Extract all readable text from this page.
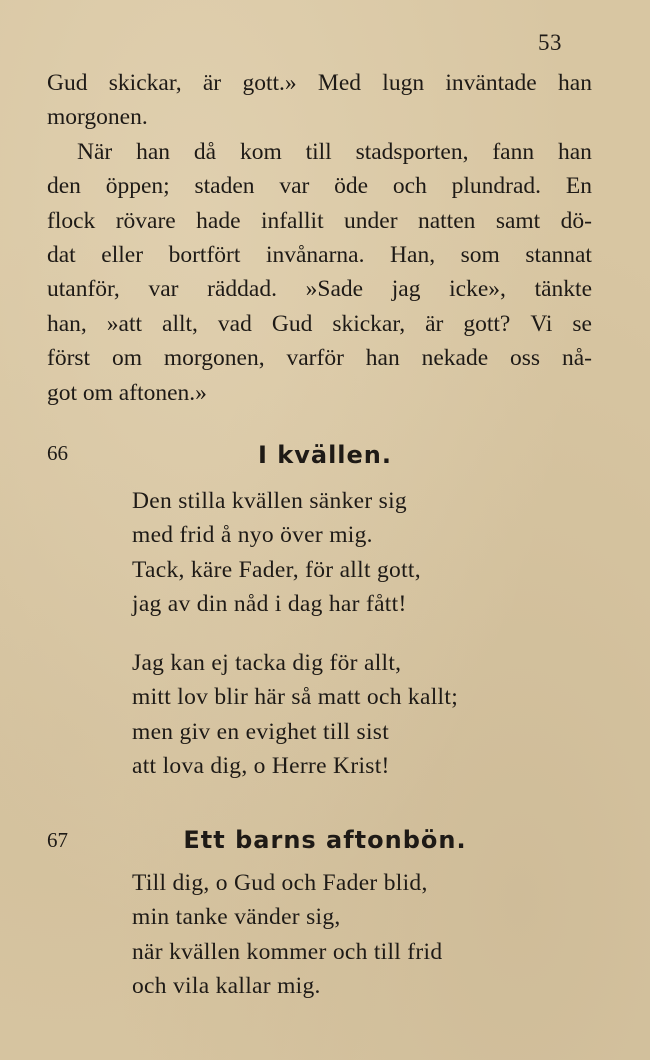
53
Gud skickar, är gott.» Med lugn inväntade han
morgonen.
När han då kom till stadsporten, fann han
den öppen; staden var öde och plundrad. En
flock rövare hade infallit under natten samt dö-
dat eller bortfört invånarna. Han, som stannat
utanför, var räddad. »Sade jag icke», tänkte
han, »att allt, vad Gud skickar, är gott? Vi se
först om morgonen, varför han nekade oss nå-
got om aftonen.»
66	I kvällen.
Den stilla kvällen sänker sig
med frid å nyo över mig.
Tack, käre Fader, för allt gott,
jag av din nåd i dag har fått!
Jag kan ej tacka dig för allt,
mitt lov blir här så matt och kallt;
men giv en evighet till sist
att lova dig, o Herre Krist!
67	Ett barns aftonbön.
Till dig, o Gud och Fader blid,
min tanke vänder sig,
när kvällen kommer och till frid
och vila kallar mig.
